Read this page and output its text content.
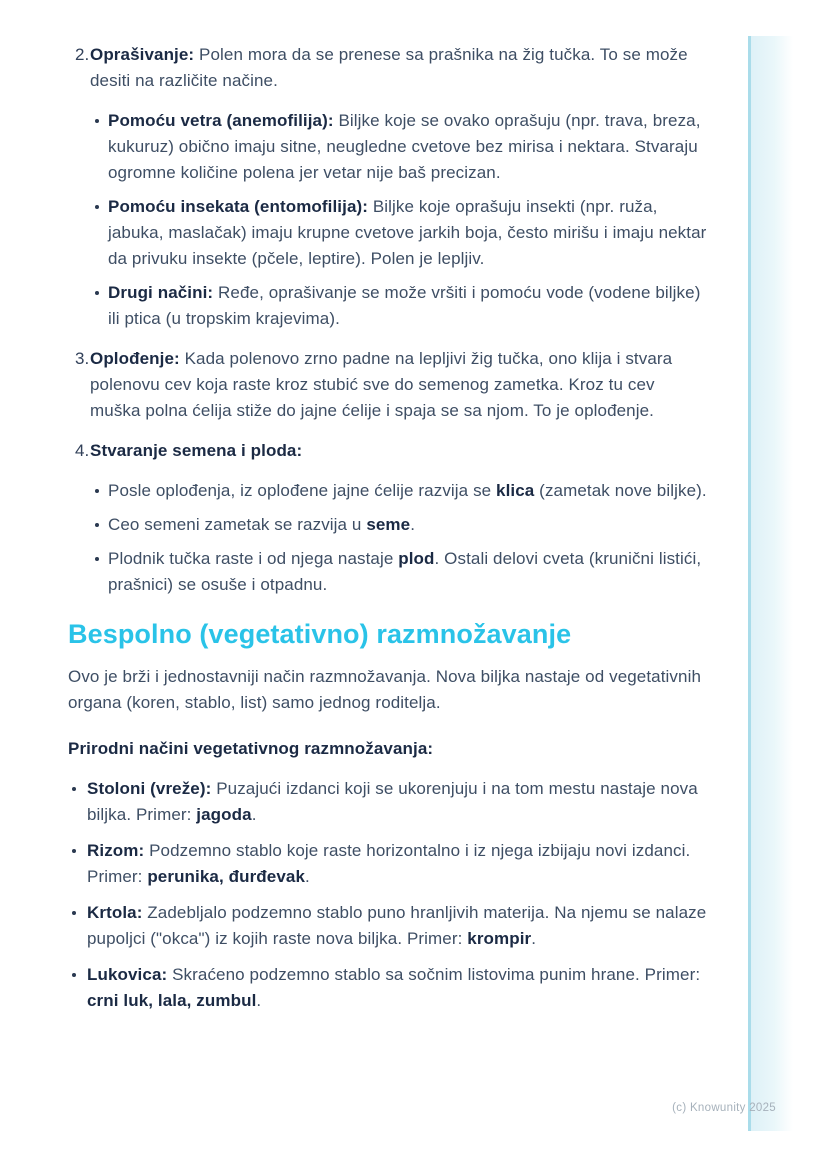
2. Oprašivanje: Polen mora da se prenese sa prašnika na žig tučka. To se može desiti na različite načine.

Pomoću vetra (anemofilija): Biljke koje se ovako oprašuju (npr. trava, breza, kukuruz) obično imaju sitne, neugledne cvetove bez mirisa i nektara. Stvaraju ogromne količine polena jer vetar nije baš precizan.
Pomoću insekata (entomofilija): Biljke koje oprašuju insekti (npr. ruža, jabuka, maslačak) imaju krupne cvetove jarkih boja, često mirišu i imaju nektar da privuku insekte (pčele, leptire). Polen je lepljiv.
Drugi načini: Ređe, oprašivanje se može vršiti i pomoću vode (vodene biljke) ili ptica (u tropskim krajevima).
3. Oplođenje: Kada polenovo zrno padne na lepljivi žig tučka, ono klija i stvara polenovu cev koja raste kroz stubić sve do semenog zametka. Kroz tu cev muška polna ćelija stiže do jajne ćelije i spaja se sa njom. To je oplođenje.

4. Stvaranje semena i ploda:

Posle oplođenja, iz oplođene jajne ćelije razvija se klica (zametak nove biljke).
Ceo semeni zametak se razvija u seme.
Plodnik tučka raste i od njega nastaje plod. Ostali delovi cveta (krunični listići, prašnici) se osuše i otpadnu.
Bespolno (vegetativno) razmnožavanje

Ovo je brži i jednostavniji način razmnožavanja. Nova biljka nastaje od vegetativnih organa (koren, stablo, list) samo jednog roditelja.

Prirodni načini vegetativnog razmnožavanja:

Stoloni (vreže): Puzajući izdanci koji se ukorenjuju i na tom mestu nastaje nova biljka. Primer: jagoda.
Rizom: Podzemno stablo koje raste horizontalno i iz njega izbijaju novi izdanci. Primer: perunika, đurđevak.
Krtola: Zadebljalo podzemno stablo puno hranljivih materija. Na njemu se nalaze pupoljci ("okca") iz kojih raste nova biljka. Primer: krompir.
Lukovica: Skraćeno podzemno stablo sa sočnim listovima punim hrane. Primer: crni luk, lala, zumbul.
(c) Knowunity 2025
